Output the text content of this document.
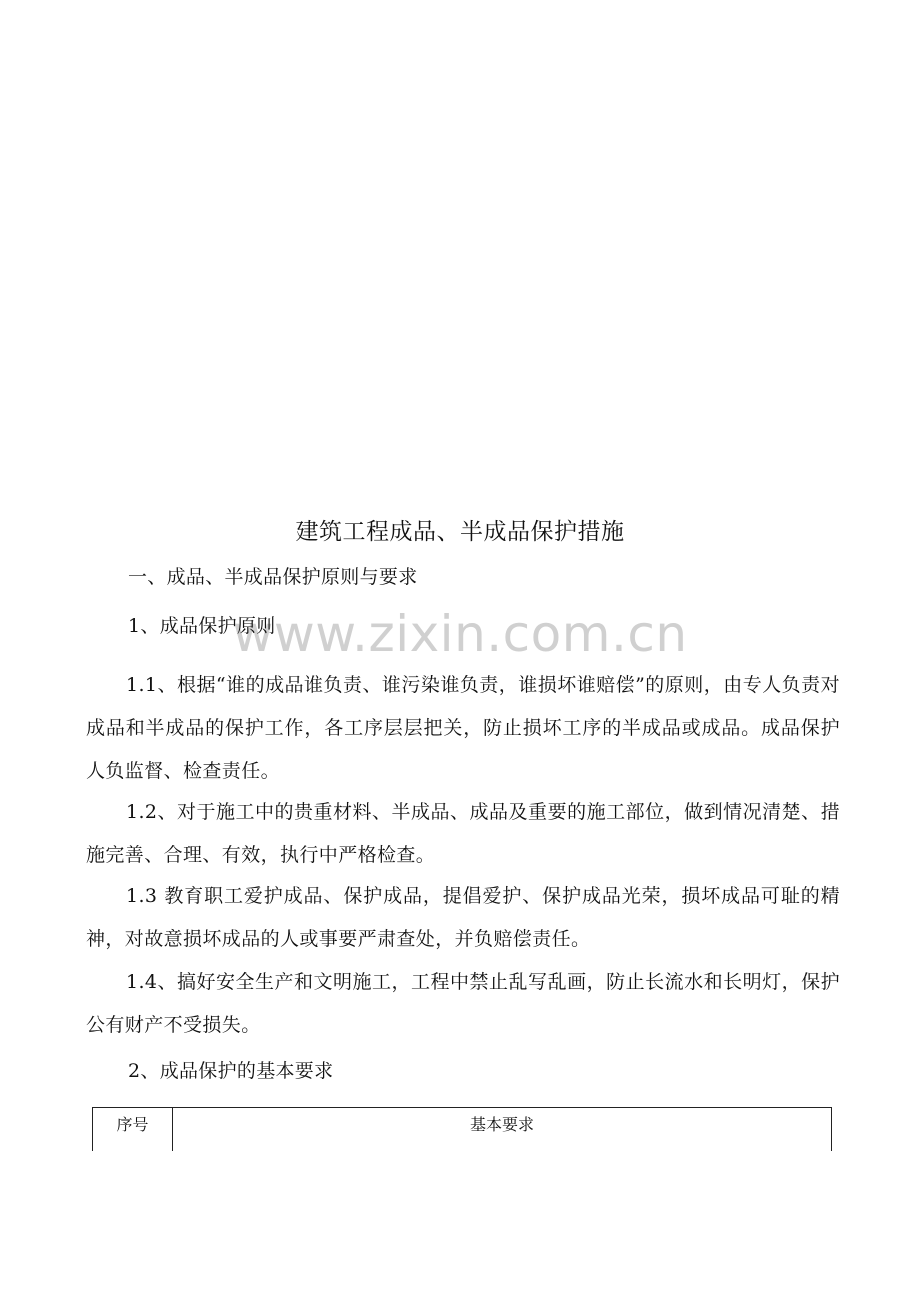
www.zixin.com.cn
建筑工程成品、半成品保护措施
一、成品、半成品保护原则与要求
1、成品保护原则

1.1、根据“谁的成品谁负责、谁污染谁负责，谁损坏谁赔偿”的原则，由专人负责对成品和半成品的保护工作，各工序层层把关，防止损坏工序的半成品或成品。成品保护人负监督、检查责任。

1.2、对于施工中的贵重材料、半成品、成品及重要的施工部位，做到情况清楚、措施完善、合理、有效，执行中严格检查。

1.3 教育职工爱护成品、保护成品，提倡爱护、保护成品光荣，损坏成品可耻的精神，对故意损坏成品的人或事要严肃查处，并负赔偿责任。

1.4、搞好安全生产和文明施工，工程中禁止乱写乱画，防止长流水和长明灯，保护公有财产不受损失。

2、成品保护的基本要求
序号	基本要求
